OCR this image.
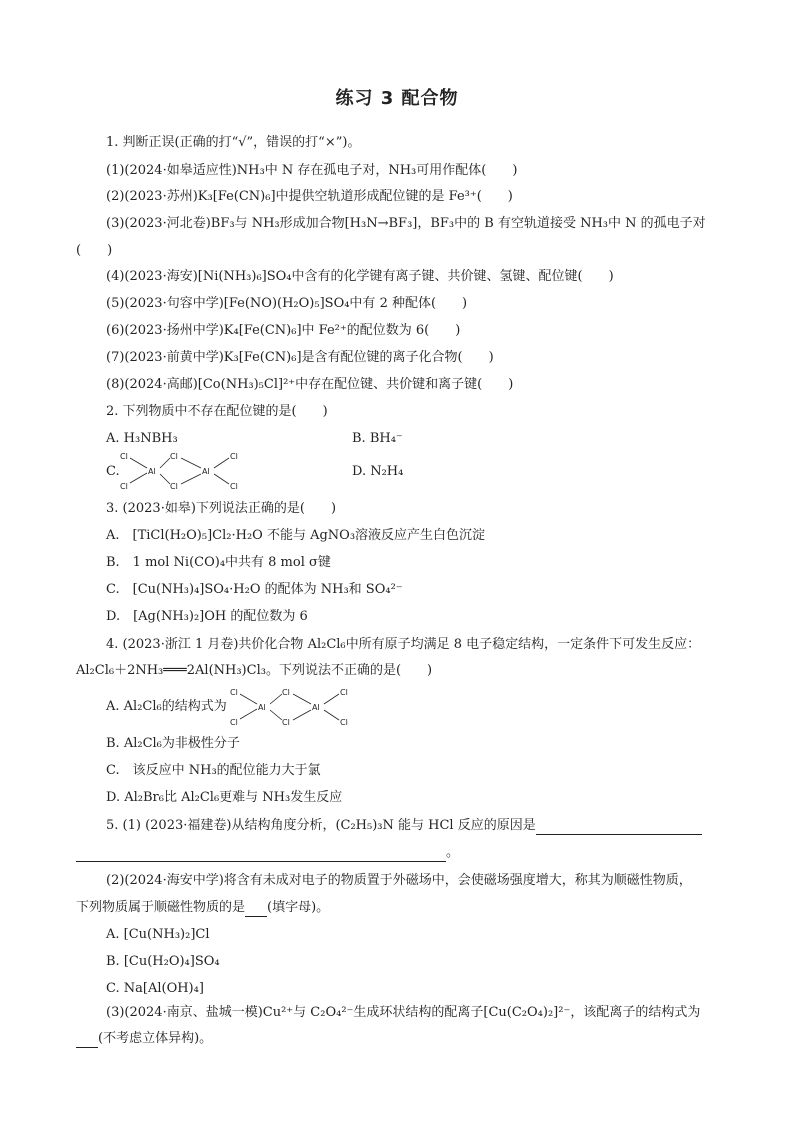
练习 3 配合物
1. 判断正误(正确的打“√”，错误的打“×”)。
(1)(2024·如皋适应性)NH₃中 N 存在孤电子对，NH₃可用作配体(　　)
(2)(2023·苏州)K₃[Fe(CN)₆]中提供空轨道形成配位键的是 Fe³⁺(　　)
(3)(2023·河北卷)BF₃与 NH₃形成加合物[H₃N→BF₃]，BF₃中的 B 有空轨道接受 NH₃中 N 的孤电子对
(　　)
(4)(2023·海安)[Ni(NH₃)₆]SO₄中含有的化学键有离子键、共价键、氢键、配位键(　　)
(5)(2023·句容中学)[Fe(NO)(H₂O)₅]SO₄中有 2 种配体(　　)
(6)(2023·扬州中学)K₄[Fe(CN)₆]中 Fe²⁺的配位数为 6(　　)
(7)(2023·前黄中学)K₃[Fe(CN)₆]是含有配位键的离子化合物(　　)
(8)(2024·高邮)[Co(NH₃)₅Cl]²⁺中存在配位键、共价键和离子键(　　)
2. 下列物质中不存在配位键的是(　　)
A. H₃NBH₃	B. BH₄⁻
C.
Cl
Cl
Cl
Cl
Cl
Cl
Al	Al	D. N₂H₄
3. (2023·如皋)下列说法正确的是(　　)
A.　[TiCl(H₂O)₅]Cl₂·H₂O 不能与 AgNO₃溶液反应产生白色沉淀
B.　1 mol Ni(CO)₄中共有 8 mol σ键
C.　[Cu(NH₃)₄]SO₄·H₂O 的配体为 NH₃和 SO₄²⁻
D.　[Ag(NH₃)₂]OH 的配位数为 6
4. (2023·浙江 1 月卷)共价化合物 Al₂Cl₆中所有原子均满足 8 电子稳定结构，一定条件下可发生反应：
Al₂Cl₆＋2NH₃═══2Al(NH₃)Cl₃。下列说法不正确的是(　　)
A. Al₂Cl₆的结构式为
Cl
Cl
Cl
Cl
Cl
Cl
Al	Al
B. Al₂Cl₆为非极性分子
C.　该反应中 NH₃的配位能力大于氯
D. Al₂Br₆比 Al₂Cl₆更难与 NH₃发生反应
5. (1) (2023·福建卷)从结构角度分析，(C₂H₅)₃N 能与 HCl 反应的原因是
。
(2)(2024·海安中学)将含有未成对电子的物质置于外磁场中，会使磁场强度增大，称其为顺磁性物质，
下列物质属于顺磁性物质的是 (填字母)。
A. [Cu(NH₃)₂]Cl
B. [Cu(H₂O)₄]SO₄
C. Na[Al(OH)₄]
(3)(2024·南京、盐城一模)Cu²⁺与 C₂O₄²⁻生成环状结构的配离子[Cu(C₂O₄)₂]²⁻，该配离子的结构式为
(不考虑立体异构)。
